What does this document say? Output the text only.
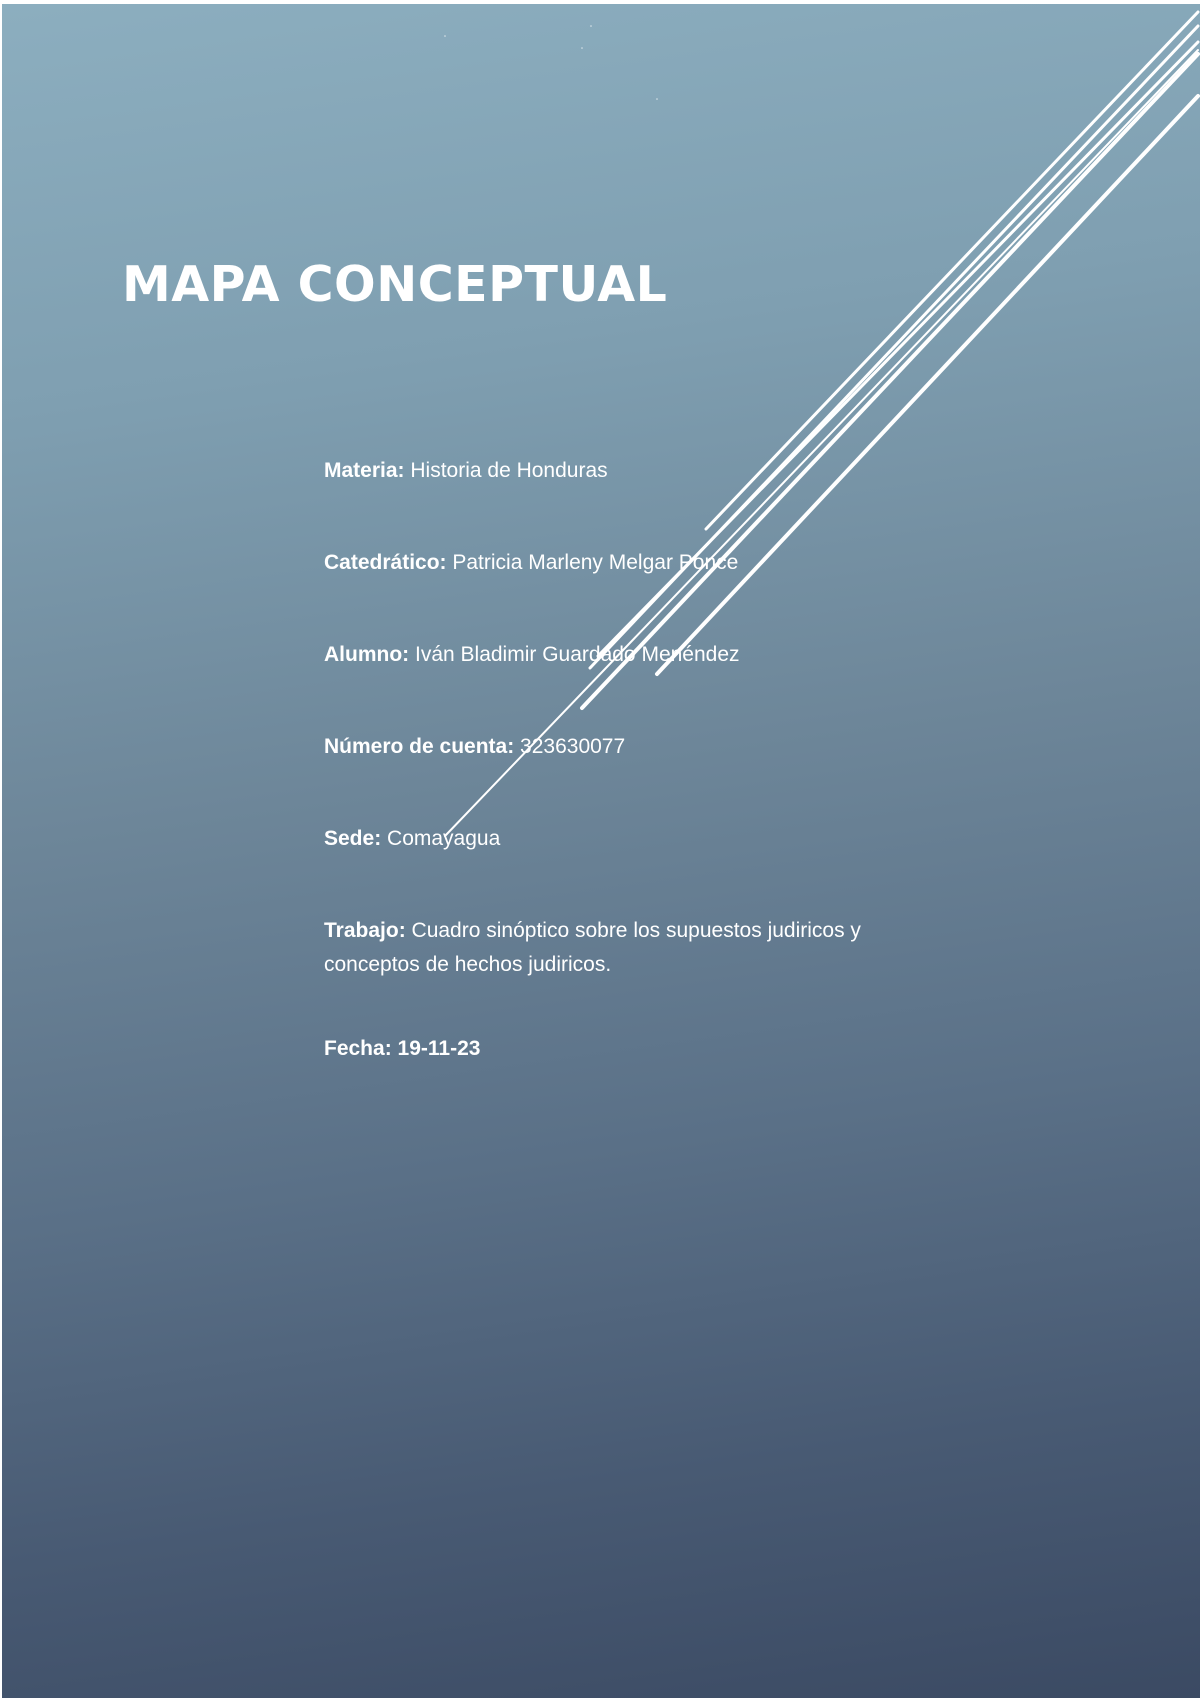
MAPA CONCEPTUAL

Materia: Historia de Honduras

Catedrático: Patricia Marleny Melgar Ponce

Alumno: Iván Bladimir Guardado Menéndez

Número de cuenta: 323630077

Sede: Comayagua

Trabajo: Cuadro sinóptico sobre los supuestos judiricos y conceptos de hechos judiricos.

Fecha: 19-11-23
